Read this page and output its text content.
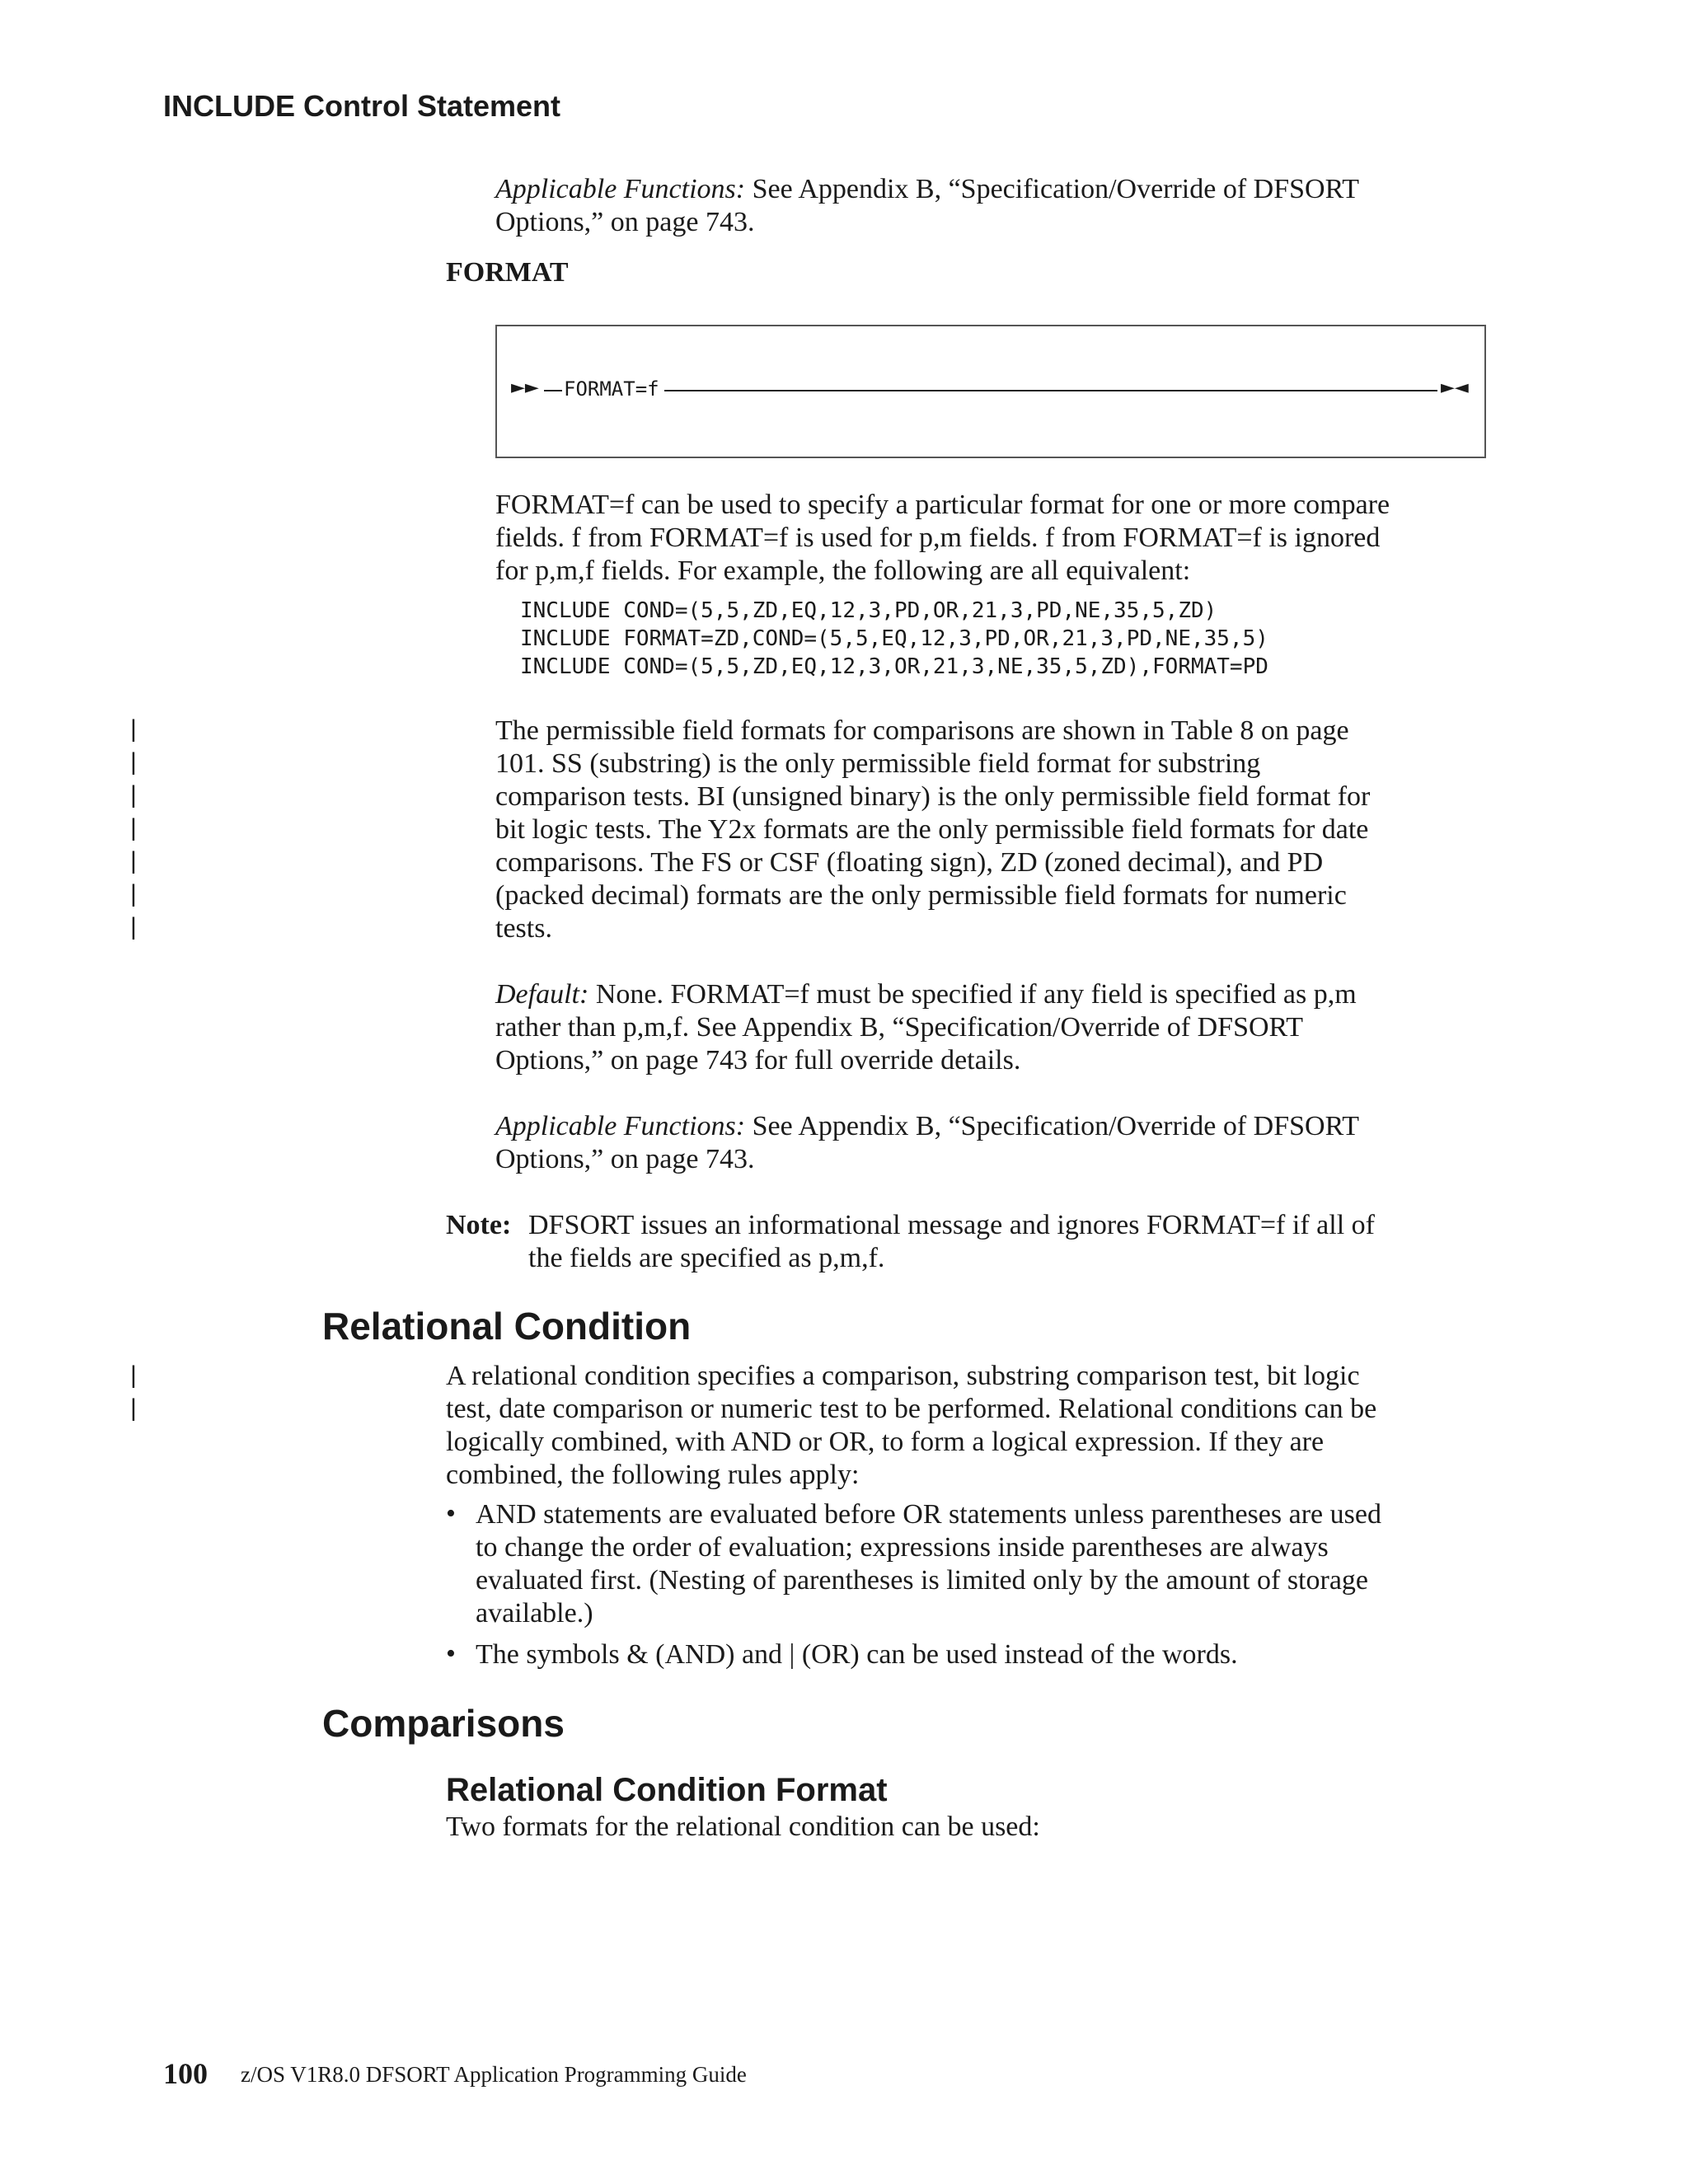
INCLUDE Control Statement
Applicable Functions: See Appendix B, “Specification/Override of DFSORT
Options,” on page 743.
FORMAT
►► FORMAT=f	►◄
FORMAT=f can be used to specify a particular format for one or more compare
fields. f from FORMAT=f is used for p,m fields. f from FORMAT=f is ignored
for p,m,f fields. For example, the following are all equivalent:
INCLUDE COND=(5,5,ZD,EQ,12,3,PD,OR,21,3,PD,NE,35,5,ZD)
INCLUDE FORMAT=ZD,COND=(5,5,EQ,12,3,PD,OR,21,3,PD,NE,35,5)
INCLUDE COND=(5,5,ZD,EQ,12,3,OR,21,3,NE,35,5,ZD),FORMAT=PD
|
|
|
|
|
|
|
The permissible field formats for comparisons are shown in Table 8 on page
101. SS (substring) is the only permissible field format for substring
comparison tests. BI (unsigned binary) is the only permissible field format for
bit logic tests. The Y2x formats are the only permissible field formats for date
comparisons. The FS or CSF (floating sign), ZD (zoned decimal), and PD
(packed decimal) formats are the only permissible field formats for numeric
tests.
Default: None. FORMAT=f must be specified if any field is specified as p,m
rather than p,m,f. See Appendix B, “Specification/Override of DFSORT
Options,” on page 743 for full override details.
Applicable Functions: See Appendix B, “Specification/Override of DFSORT
Options,” on page 743.
Note: DFSORT issues an informational message and ignores FORMAT=f if all of
the fields are specified as p,m,f.
Relational Condition
|
|
A relational condition specifies a comparison, substring comparison test, bit logic
test, date comparison or numeric test to be performed. Relational conditions can be
logically combined, with AND or OR, to form a logical expression. If they are
combined, the following rules apply:
• AND statements are evaluated before OR statements unless parentheses are used
to change the order of evaluation; expressions inside parentheses are always
evaluated first. (Nesting of parentheses is limited only by the amount of storage
available.)
• The symbols & (AND) and | (OR) can be used instead of the words.
Comparisons
Relational Condition Format
Two formats for the relational condition can be used:
100 z/OS V1R8.0 DFSORT Application Programming Guide
